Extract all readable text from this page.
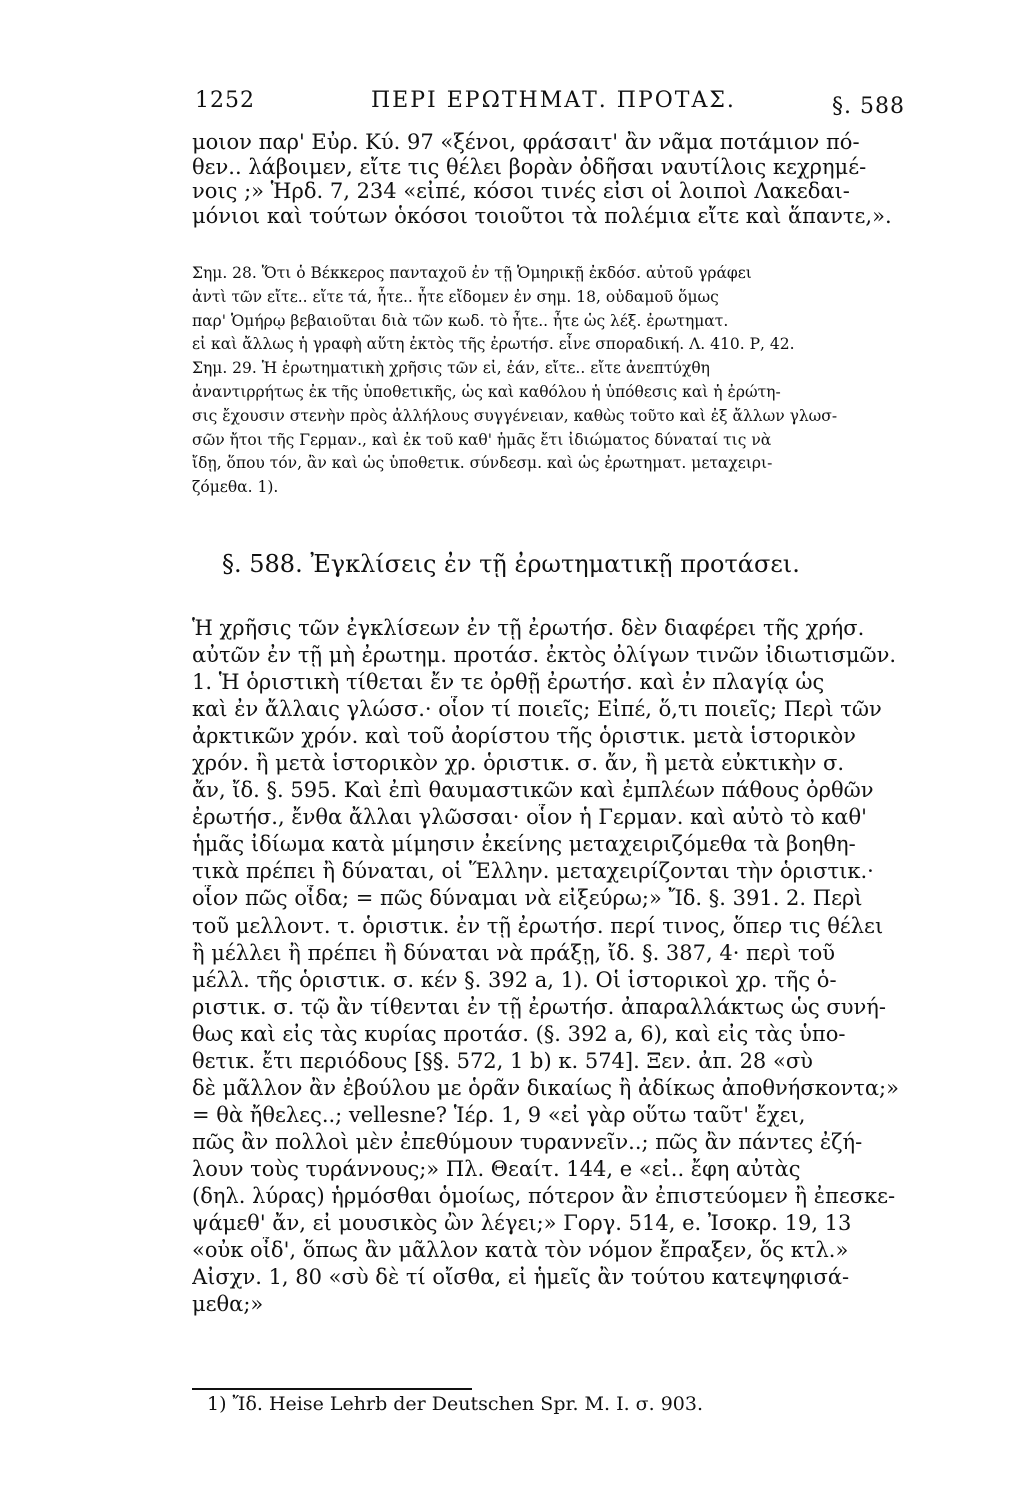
1252	ΠΕΡΙ ΕΡΩΤΗΜΑΤ. ΠΡΟΤΑΣ.	§. 588
μοιον παρ' Εὐρ. Κύ. 97 «ξένοι, φράσαιτ' ἂν νᾶμα ποτάμιον πό-
θεν.. λάβοιμεν, εἴτε τις θέλει βορὰν ὀδῆσαι ναυτίλοις κεχρημέ-
νοις ;» Ἡρδ. 7, 234 «εἰπέ, κόσοι τινές εἰσι οἱ λοιποὶ Λακεδαι-
μόνιοι καὶ τούτων ὁκόσοι τοιοῦτοι τὰ πολέμια εἴτε καὶ ἅπαντε,».
Σημ. 28. Ὅτι ὁ Βέκκερος πανταχοῦ ἐν τῇ Ὁμηρικῇ ἐκδόσ. αὐτοῦ γράφει
ἀντὶ τῶν εἴτε.. εἴτε τά, ἦτε.. ἦτε εἴδομεν ἐν σημ. 18, οὐδαμοῦ ὅμως
παρ' Ὁμήρῳ βεβαιοῦται διὰ τῶν κωδ. τὸ ἦτε.. ἦτε ὡς λέξ. ἐρωτηματ.
εἰ καὶ ἄλλως ἡ γραφὴ αὕτη ἐκτὸς τῆς ἐρωτήσ. εἶνε σποραδική. Λ. 410. Ρ, 42.
Σημ. 29. Ἡ ἐρωτηματικὴ χρῆσις τῶν εἰ, ἐάν, εἴτε.. εἴτε ἀνεπτύχθη
ἀναντιρρήτως ἐκ τῆς ὑποθετικῆς, ὡς καὶ καθόλου ἡ ὑπόθεσις καὶ ἡ ἐρώτη-
σις ἔχουσιν στενὴν πρὸς ἀλλήλους συγγένειαν, καθὼς τοῦτο καὶ ἐξ ἄλλων γλωσ-
σῶν ἤτοι τῆς Γερμαν., καὶ ἐκ τοῦ καθ' ἡμᾶς ἔτι ἰδιώματος δύναταί τις νὰ
ἴδῃ, ὅπου τόν, ἂν καὶ ὡς ὑποθετικ. σύνδεσμ. καὶ ὡς ἐρωτηματ. μεταχειρι-
ζόμεθα. 1).
§. 588. Ἐγκλίσεις ἐν τῇ ἐρωτηματικῇ προτάσει.
Ἡ χρῆσις τῶν ἐγκλίσεων ἐν τῇ ἐρωτήσ. δὲν διαφέρει τῆς χρήσ.
αὐτῶν ἐν τῇ μὴ ἐρωτημ. προτάσ. ἐκτὸς ὀλίγων τινῶν ἰδιωτισμῶν.
1. Ἡ ὁριστικὴ τίθεται ἔν τε ὀρθῇ ἐρωτήσ. καὶ ἐν πλαγίᾳ ὡς
καὶ ἐν ἄλλαις γλώσσ.· οἷον τί ποιεῖς; Εἰπέ, ὅ,τι ποιεῖς; Περὶ τῶν
ἀρκτικῶν χρόν. καὶ τοῦ ἀορίστου τῆς ὁριστικ. μετὰ ἱστορικὸν
χρόν. ἢ μετὰ ἱστορικὸν χρ. ὁριστικ. σ. ἄν, ἢ μετὰ εὐκτικὴν σ.
ἄν, ἴδ. §. 595. Καὶ ἐπὶ θαυμαστικῶν καὶ ἐμπλέων πάθους ὀρθῶν
ἐρωτήσ., ἔνθα ἄλλαι γλῶσσαι· οἷον ἡ Γερμαν. καὶ αὐτὸ τὸ καθ'
ἡμᾶς ἰδίωμα κατὰ μίμησιν ἐκείνης μεταχειριζόμεθα τὰ βοηθη-
τικὰ πρέπει ἢ δύναται, οἱ Ἕλλην. μεταχειρίζονται τὴν ὁριστικ.·
οἷον πῶς οἶδα; = πῶς δύναμαι νὰ εἰξεύρω;» Ἴδ. §. 391. 2. Περὶ
τοῦ μελλοντ. τ. ὁριστικ. ἐν τῇ ἐρωτήσ. περί τινος, ὅπερ τις θέλει
ἢ μέλλει ἢ πρέπει ἢ δύναται νὰ πράξῃ, ἴδ. §. 387, 4· περὶ τοῦ
μέλλ. τῆς ὁριστικ. σ. κέν §. 392 a, 1). Οἱ ἱστορικοὶ χρ. τῆς ὁ-
ριστικ. σ. τῷ ἂν τίθενται ἐν τῇ ἐρωτήσ. ἀπαραλλάκτως ὡς συνή-
θως καὶ εἰς τὰς κυρίας προτάσ. (§. 392 a, 6), καὶ εἰς τὰς ὑπο-
θετικ. ἔτι περιόδους [§§. 572, 1 b) κ. 574]. Ξεν. ἀπ. 28 «σὺ
δὲ μᾶλλον ἂν ἐβούλου με ὁρᾶν δικαίως ἢ ἀδίκως ἀποθνήσκοντα;»
= θὰ ἤθελες..; vellesne? Ἱέρ. 1, 9 «εἰ γὰρ οὕτω ταῦτ' ἔχει,
πῶς ἂν πολλοὶ μὲν ἐπεθύμουν τυραννεῖν..; πῶς ἂν πάντες ἐζή-
λουν τοὺς τυράννους;» Πλ. Θεαίτ. 144, e «εἰ.. ἔφη αὐτὰς
(δηλ. λύρας) ἡρμόσθαι ὁμοίως, πότερον ἂν ἐπιστεύομεν ἢ ἐπεσκε-
ψάμεθ' ἄν, εἰ μουσικὸς ὢν λέγει;» Γοργ. 514, e. Ἰσοκρ. 19, 13
«οὐκ οἶδ', ὅπως ἂν μᾶλλον κατὰ τὸν νόμον ἔπραξεν, ὅς κτλ.»
Αἰσχν. 1, 80 «σὺ δὲ τί οἴσθα, εἰ ἡμεῖς ἂν τούτου κατεψηφισά-
μεθα;»
1) Ἴδ. Heise Lehrb der Deutschen Spr. M. I. σ. 903.
